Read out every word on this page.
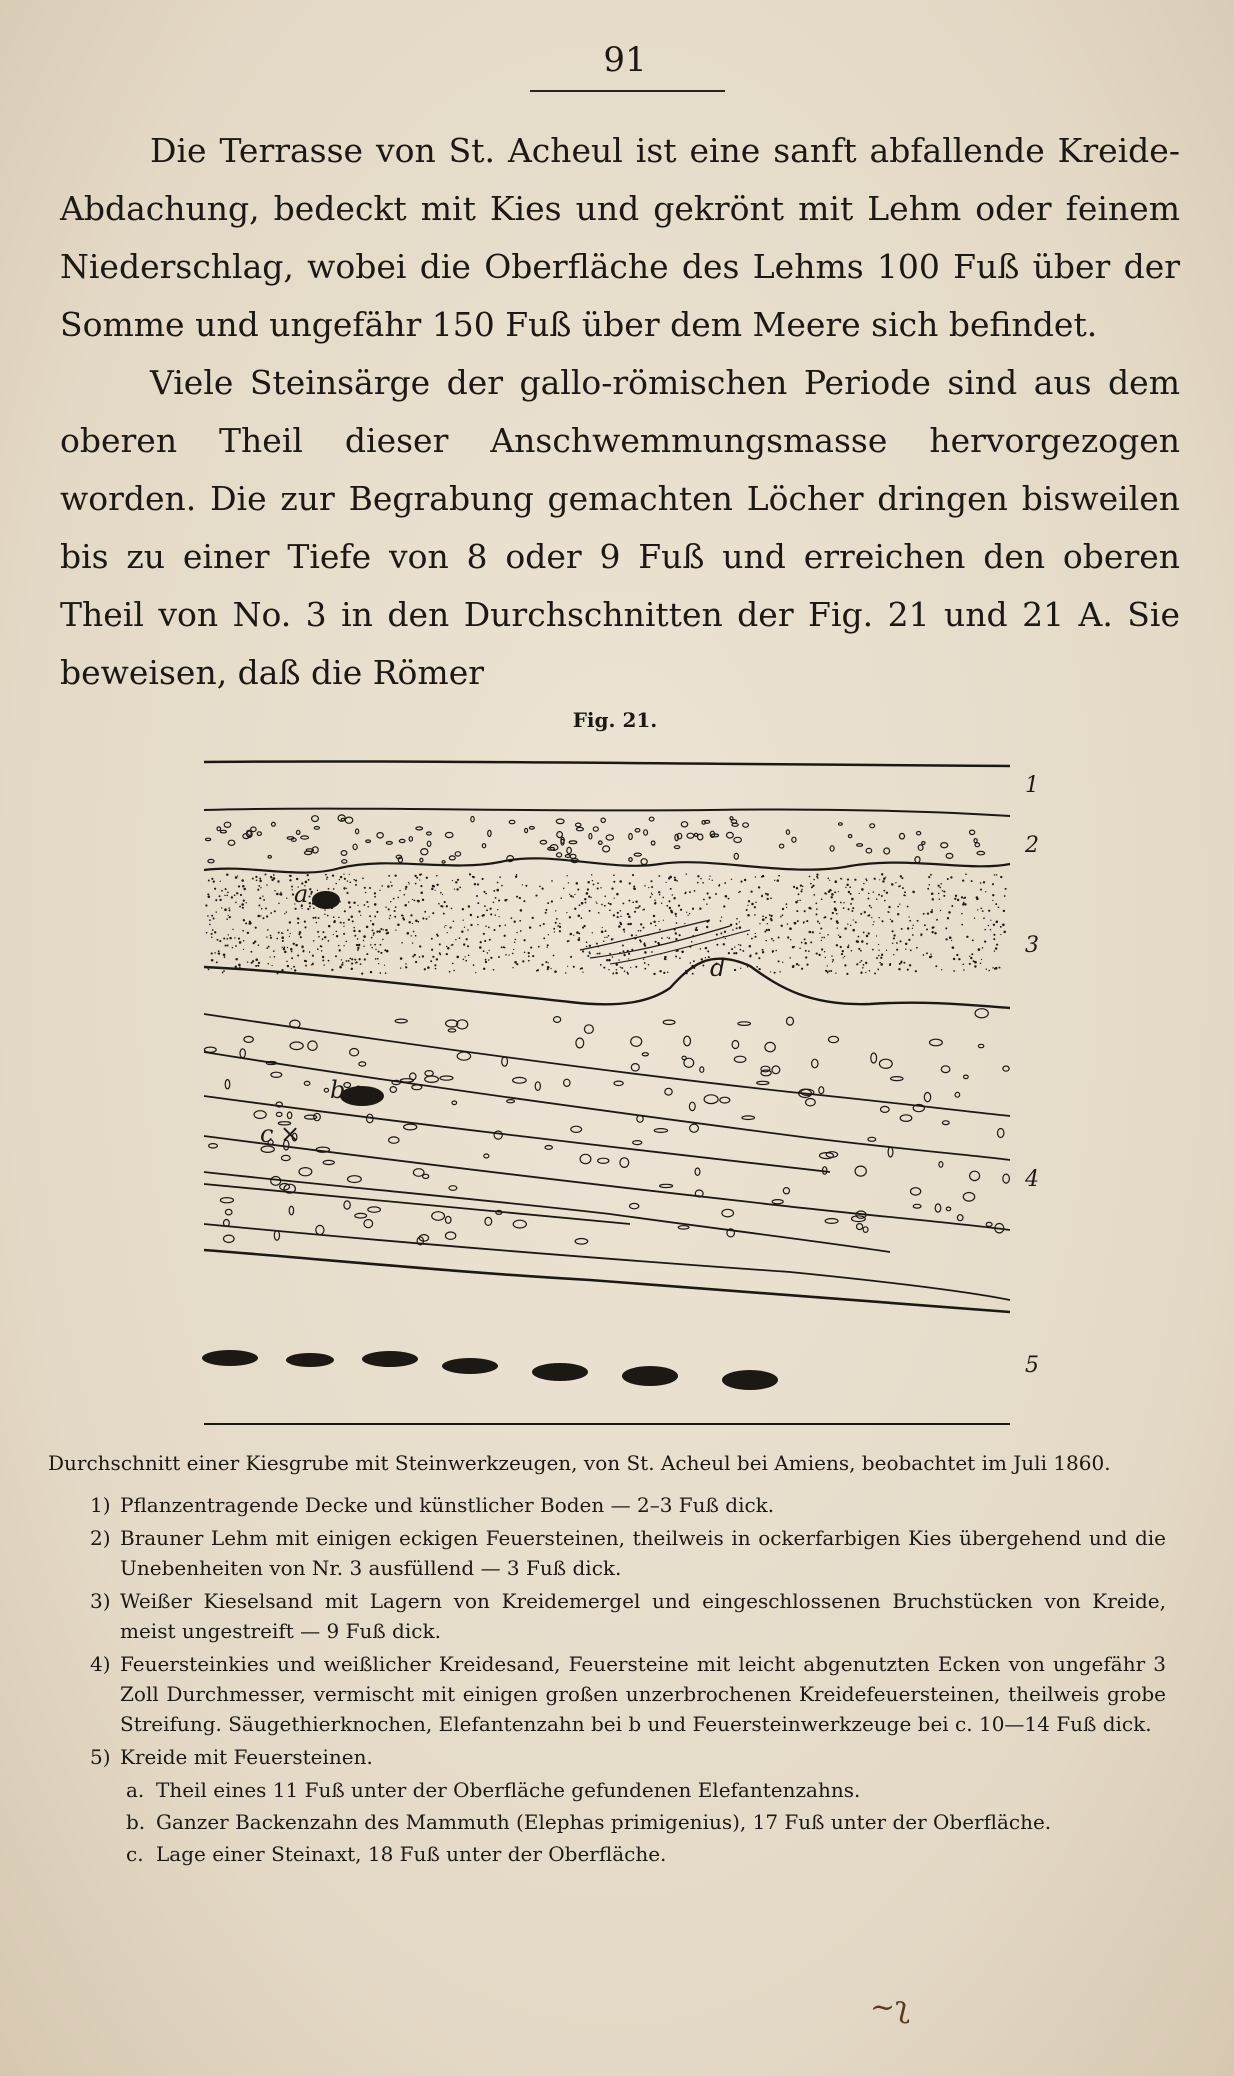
91

Die Terrasse von St. Acheul ist eine sanft abfallende Kreide-Abdachung, bedeckt mit Kies und gekrönt mit Lehm oder feinem Niederschlag, wobei die Oberfläche des Lehms 100 Fuß über der Somme und ungefähr 150 Fuß über dem Meere sich befindet.

Viele Steinsärge der gallo-römischen Periode sind aus dem oberen Theil dieser Anschwemmungsmasse hervorgezogen worden. Die zur Begrabung gemachten Löcher dringen bisweilen bis zu einer Tiefe von 8 oder 9 Fuß und erreichen den oberen Theil von No. 3 in den Durchschnitten der Fig. 21 und 21 A. Sie beweisen, daß die Römer

Fig. 21.
a
b
c ×
d
1
2
3
4
5
Durchschnitt einer Kiesgrube mit Steinwerkzeugen, von St. Acheul bei Amiens, beobachtet im Juli 1860.
1) Pflanzentragende Decke und künstlicher Boden — 2–3 Fuß dick.
2) Brauner Lehm mit einigen eckigen Feuersteinen, theilweis in ockerfarbigen Kies übergehend und die Unebenheiten von Nr. 3 ausfüllend — 3 Fuß dick.
3) Weißer Kieselsand mit Lagern von Kreidemergel und eingeschlossenen Bruchstücken von Kreide, meist ungestreift — 9 Fuß dick.
4) Feuersteinkies und weißlicher Kreidesand, Feuersteine mit leicht abgenutzten Ecken von ungefähr 3 Zoll Durchmesser, vermischt mit einigen großen unzerbrochenen Kreidefeuersteinen, theilweis grobe Streifung. Säugethierknochen, Elefantenzahn bei b und Feuersteinwerkzeuge bei c. 10—14 Fuß dick.
5) Kreide mit Feuersteinen.
a. Theil eines 11 Fuß unter der Oberfläche gefundenen Elefantenzahns.
b. Ganzer Backenzahn des Mammuth (Elephas primigenius), 17 Fuß unter der Oberfläche.
c. Lage einer Steinaxt, 18 Fuß unter der Oberfläche.
~ʅ
